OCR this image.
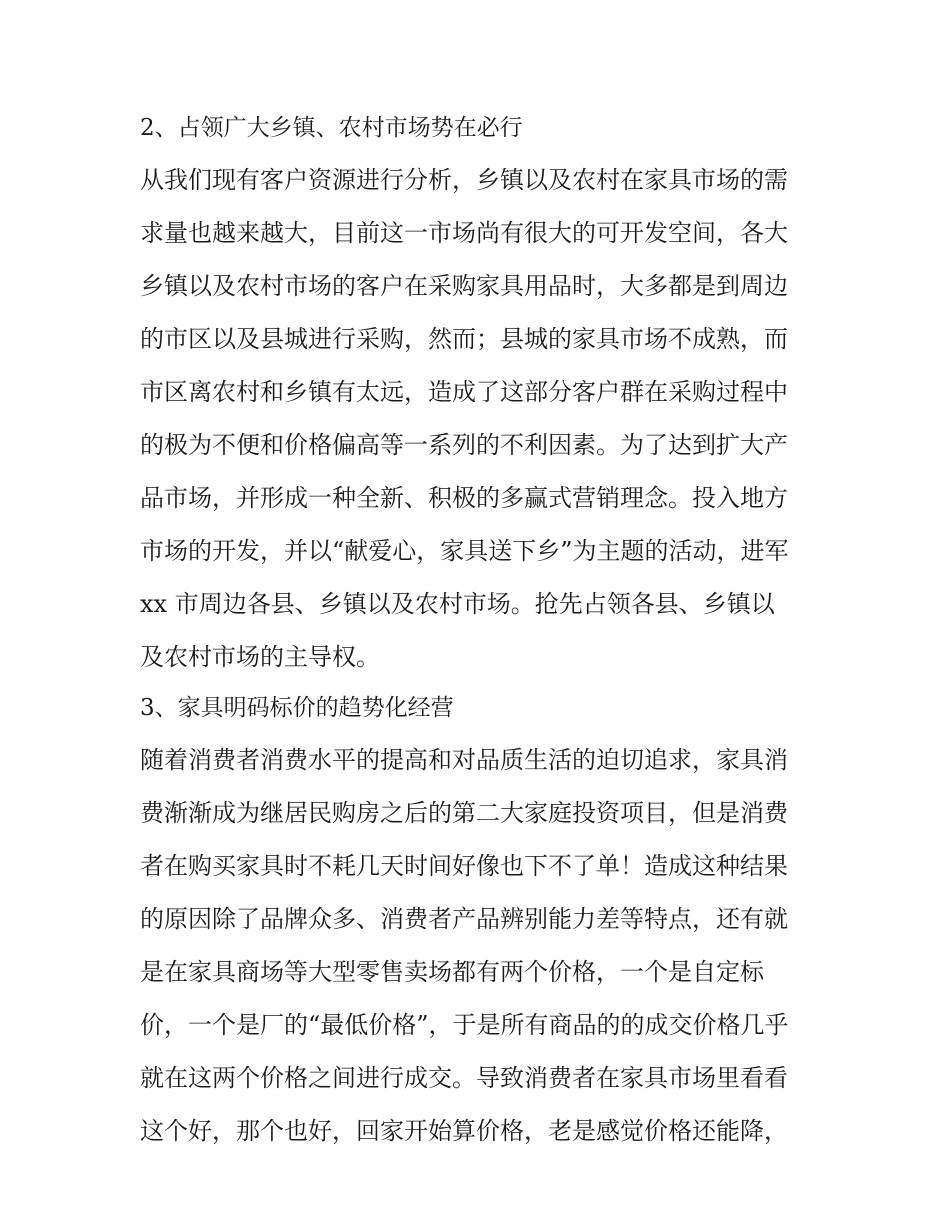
2、占领广大乡镇、农村市场势在必行
从我们现有客户资源进行分析，乡镇以及农村在家具市场的需
求量也越来越大，目前这一市场尚有很大的可开发空间，各大
乡镇以及农村市场的客户在采购家具用品时，大多都是到周边
的市区以及县城进行采购，然而；县城的家具市场不成熟，而
市区离农村和乡镇有太远，造成了这部分客户群在采购过程中
的极为不便和价格偏高等一系列的不利因素。为了达到扩大产
品市场，并形成一种全新、积极的多赢式营销理念。投入地方
市场的开发，并以“献爱心，家具送下乡”为主题的活动，进军
xx 市周边各县、乡镇以及农村市场。抢先占领各县、乡镇以
及农村市场的主导权。
3、家具明码标价的趋势化经营
随着消费者消费水平的提高和对品质生活的迫切追求，家具消
费渐渐成为继居民购房之后的第二大家庭投资项目，但是消费
者在购买家具时不耗几天时间好像也下不了单！造成这种结果
的原因除了品牌众多、消费者产品辨别能力差等特点，还有就
是在家具商场等大型零售卖场都有两个价格，一个是自定标
价，一个是厂的“最低价格”，于是所有商品的的成交价格几乎
就在这两个价格之间进行成交。导致消费者在家具市场里看看
这个好，那个也好，回家开始算价格，老是感觉价格还能降，
